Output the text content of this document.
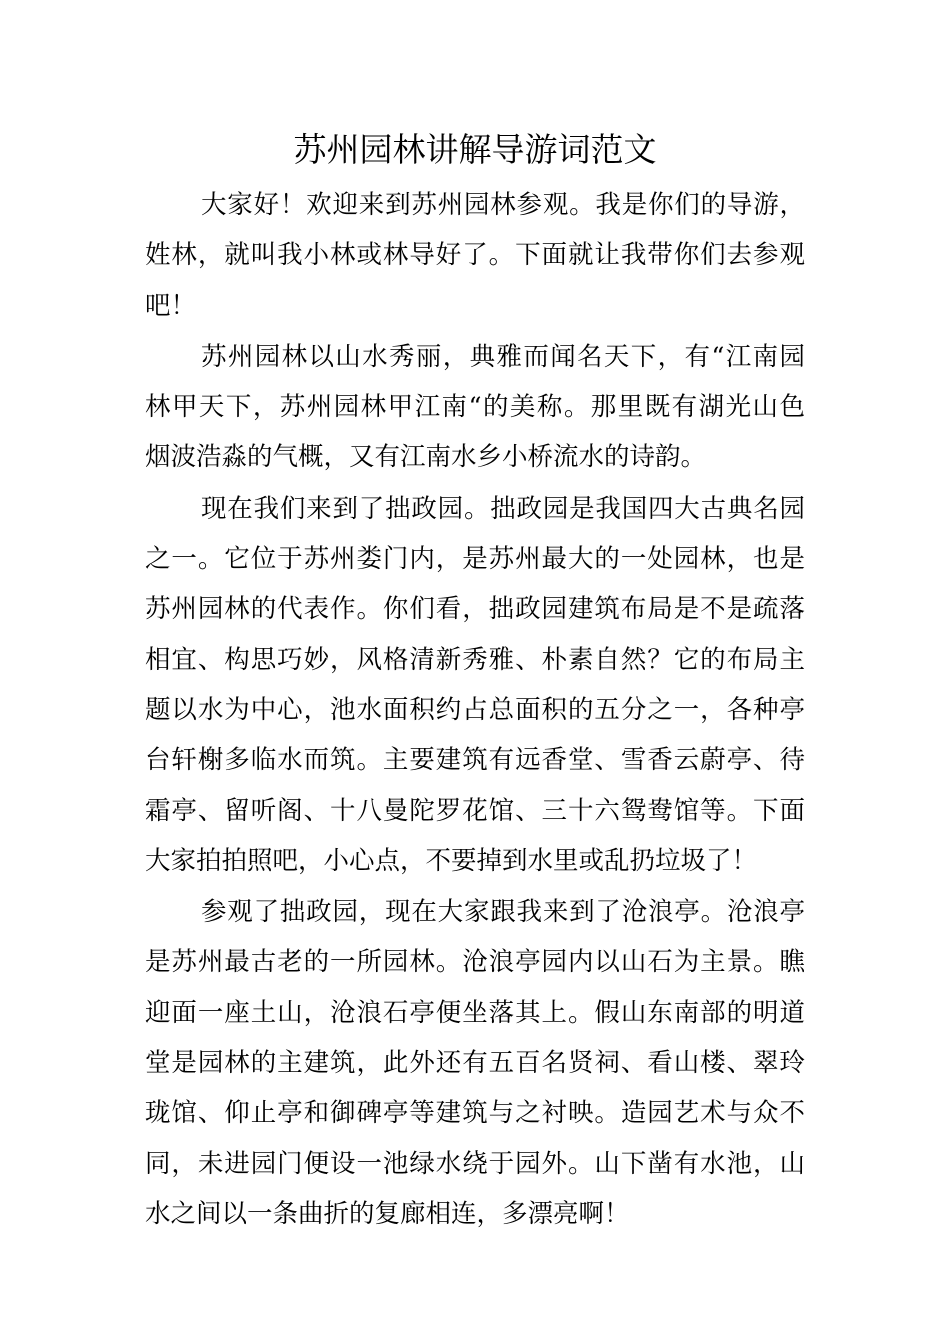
苏州园林讲解导游词范文
大家好！欢迎来到苏州园林参观。我是你们的导游，
姓林，就叫我小林或林导好了。下面就让我带你们去参观
吧！
苏州园林以山水秀丽，典雅而闻名天下，有“江南园
林甲天下，苏州园林甲江南“的美称。那里既有湖光山色
烟波浩淼的气概，又有江南水乡小桥流水的诗韵。
现在我们来到了拙政园。拙政园是我国四大古典名园
之一。它位于苏州娄门内，是苏州最大的一处园林，也是
苏州园林的代表作。你们看，拙政园建筑布局是不是疏落
相宜、构思巧妙，风格清新秀雅、朴素自然？它的布局主
题以水为中心，池水面积约占总面积的五分之一，各种亭
台轩榭多临水而筑。主要建筑有远香堂、雪香云蔚亭、待
霜亭、留听阁、十八曼陀罗花馆、三十六鸳鸯馆等。下面
大家拍拍照吧，小心点，不要掉到水里或乱扔垃圾了！
参观了拙政园，现在大家跟我来到了沧浪亭。沧浪亭
是苏州最古老的一所园林。沧浪亭园内以山石为主景。瞧
迎面一座土山，沧浪石亭便坐落其上。假山东南部的明道
堂是园林的主建筑，此外还有五百名贤祠、看山楼、翠玲
珑馆、仰止亭和御碑亭等建筑与之衬映。造园艺术与众不
同，未进园门便设一池绿水绕于园外。山下凿有水池，山
水之间以一条曲折的复廊相连，多漂亮啊！
